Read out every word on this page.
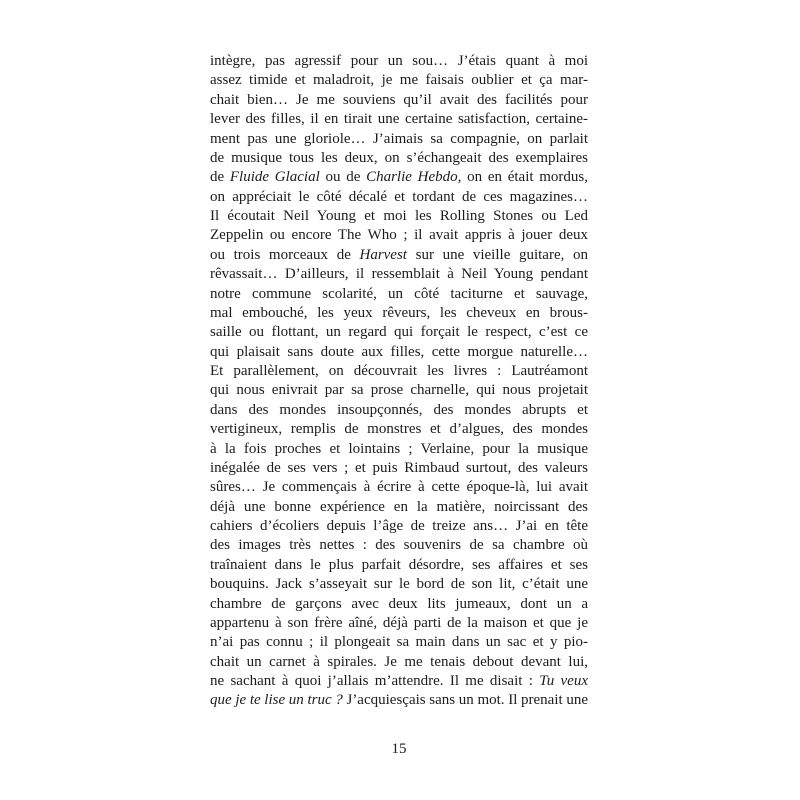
intègre, pas agressif pour un sou… J’étais quant à moi
assez timide et maladroit, je me faisais oublier et ça mar-
chait bien… Je me souviens qu’il avait des facilités pour
lever des filles, il en tirait une certaine satisfaction, certaine-
ment pas une gloriole… J’aimais sa compagnie, on parlait
de musique tous les deux, on s’échangeait des exemplaires
de Fluide Glacial ou de Charlie Hebdo, on en était mordus,
on appréciait le côté décalé et tordant de ces magazines…
Il écoutait Neil Young et moi les Rolling Stones ou Led
Zeppelin ou encore The Who ; il avait appris à jouer deux
ou trois morceaux de Harvest sur une vieille guitare, on
rêvassait… D’ailleurs, il ressemblait à Neil Young pendant
notre commune scolarité, un côté taciturne et sauvage,
mal embouché, les yeux rêveurs, les cheveux en brous-
saille ou flottant, un regard qui forçait le respect, c’est ce
qui plaisait sans doute aux filles, cette morgue naturelle…
Et parallèlement, on découvrait les livres : Lautréamont
qui nous enivrait par sa prose charnelle, qui nous projetait
dans des mondes insoupçonnés, des mondes abrupts et
vertigineux, remplis de monstres et d’algues, des mondes
à la fois proches et lointains ; Verlaine, pour la musique
inégalée de ses vers ; et puis Rimbaud surtout, des valeurs
sûres… Je commençais à écrire à cette époque-là, lui avait
déjà une bonne expérience en la matière, noircissant des
cahiers d’écoliers depuis l’âge de treize ans… J’ai en tête
des images très nettes : des souvenirs de sa chambre où
traînaient dans le plus parfait désordre, ses affaires et ses
bouquins. Jack s’asseyait sur le bord de son lit, c’était une
chambre de garçons avec deux lits jumeaux, dont un a
appartenu à son frère aîné, déjà parti de la maison et que je
n’ai pas connu ; il plongeait sa main dans un sac et y pio-
chait un carnet à spirales. Je me tenais debout devant lui,
ne sachant à quoi j’allais m’attendre. Il me disait : Tu veux
que je te lise un truc ? J’acquiesçais sans un mot. Il prenait une
15
